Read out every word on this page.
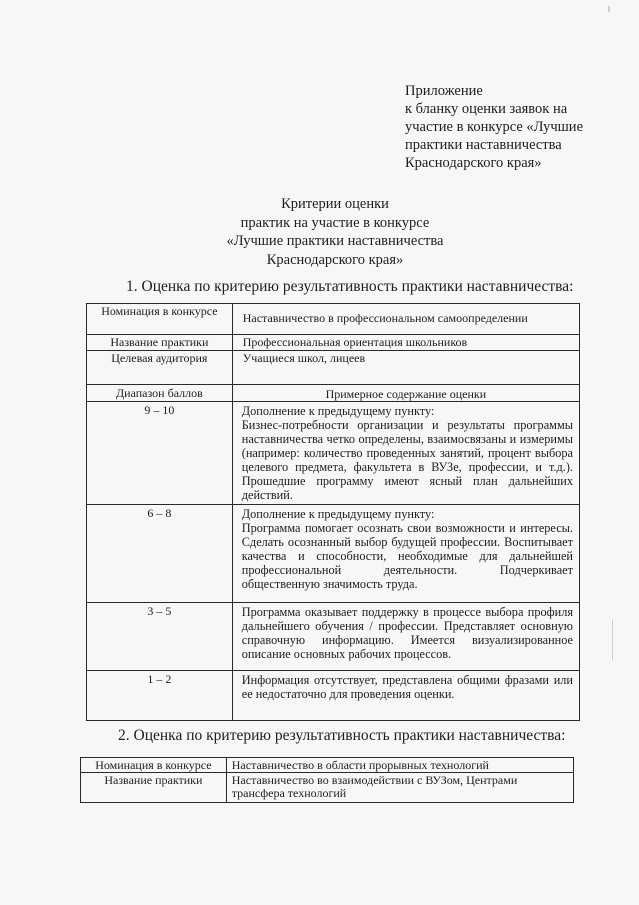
Приложение
к бланку оценки заявок на
участие в конкурсе «Лучшие
практики наставничества
Краснодарского края»
Критерии оценки
практик на участие в конкурсе
«Лучшие практики наставничества
Краснодарского края»
1. Оценка по критерию результативность практики наставничества:
Номинация в конкурсе	Наставничество в профессиональном самоопределении
Название практики	Профессиональная ориентация школьников
Целевая аудитория	Учащиеся школ, лицеев
Диапазон баллов	Примерное содержание оценки
9 – 10	Дополнение к предыдущему пункту:

Бизнес-потребности организации и результаты программы наставничества четко определены, взаимосвязаны и измеримы (например: количество проведенных занятий, процент выбора целевого предмета, факультета в ВУЗе, профессии, и т.д.). Прошедшие программу имеют ясный план дальнейших действий.

6 – 8	Дополнение к предыдущему пункту:

Программа помогает осознать свои возможности и интересы. Сделать осознанный выбор будущей профессии. Воспитывает качества и способности, необходимые для дальнейшей профессиональной деятельности. Подчеркивает общественную значимость труда.

3 – 5	Программа оказывает поддержку в процессе выбора профиля дальнейшего обучения / профессии. Представляет основную справочную информацию. Имеется визуализированное описание основных рабочих процессов.

1 – 2	Информация отсутствует, представлена общими фразами или ее недостаточно для проведения оценки.

2. Оценка по критерию результативность практики наставничества:
Номинация в конкурсе	Наставничество в области прорывных технологий
Название практики	Наставничество во взаимодействии с ВУЗом, Центрами трансфера технологий
